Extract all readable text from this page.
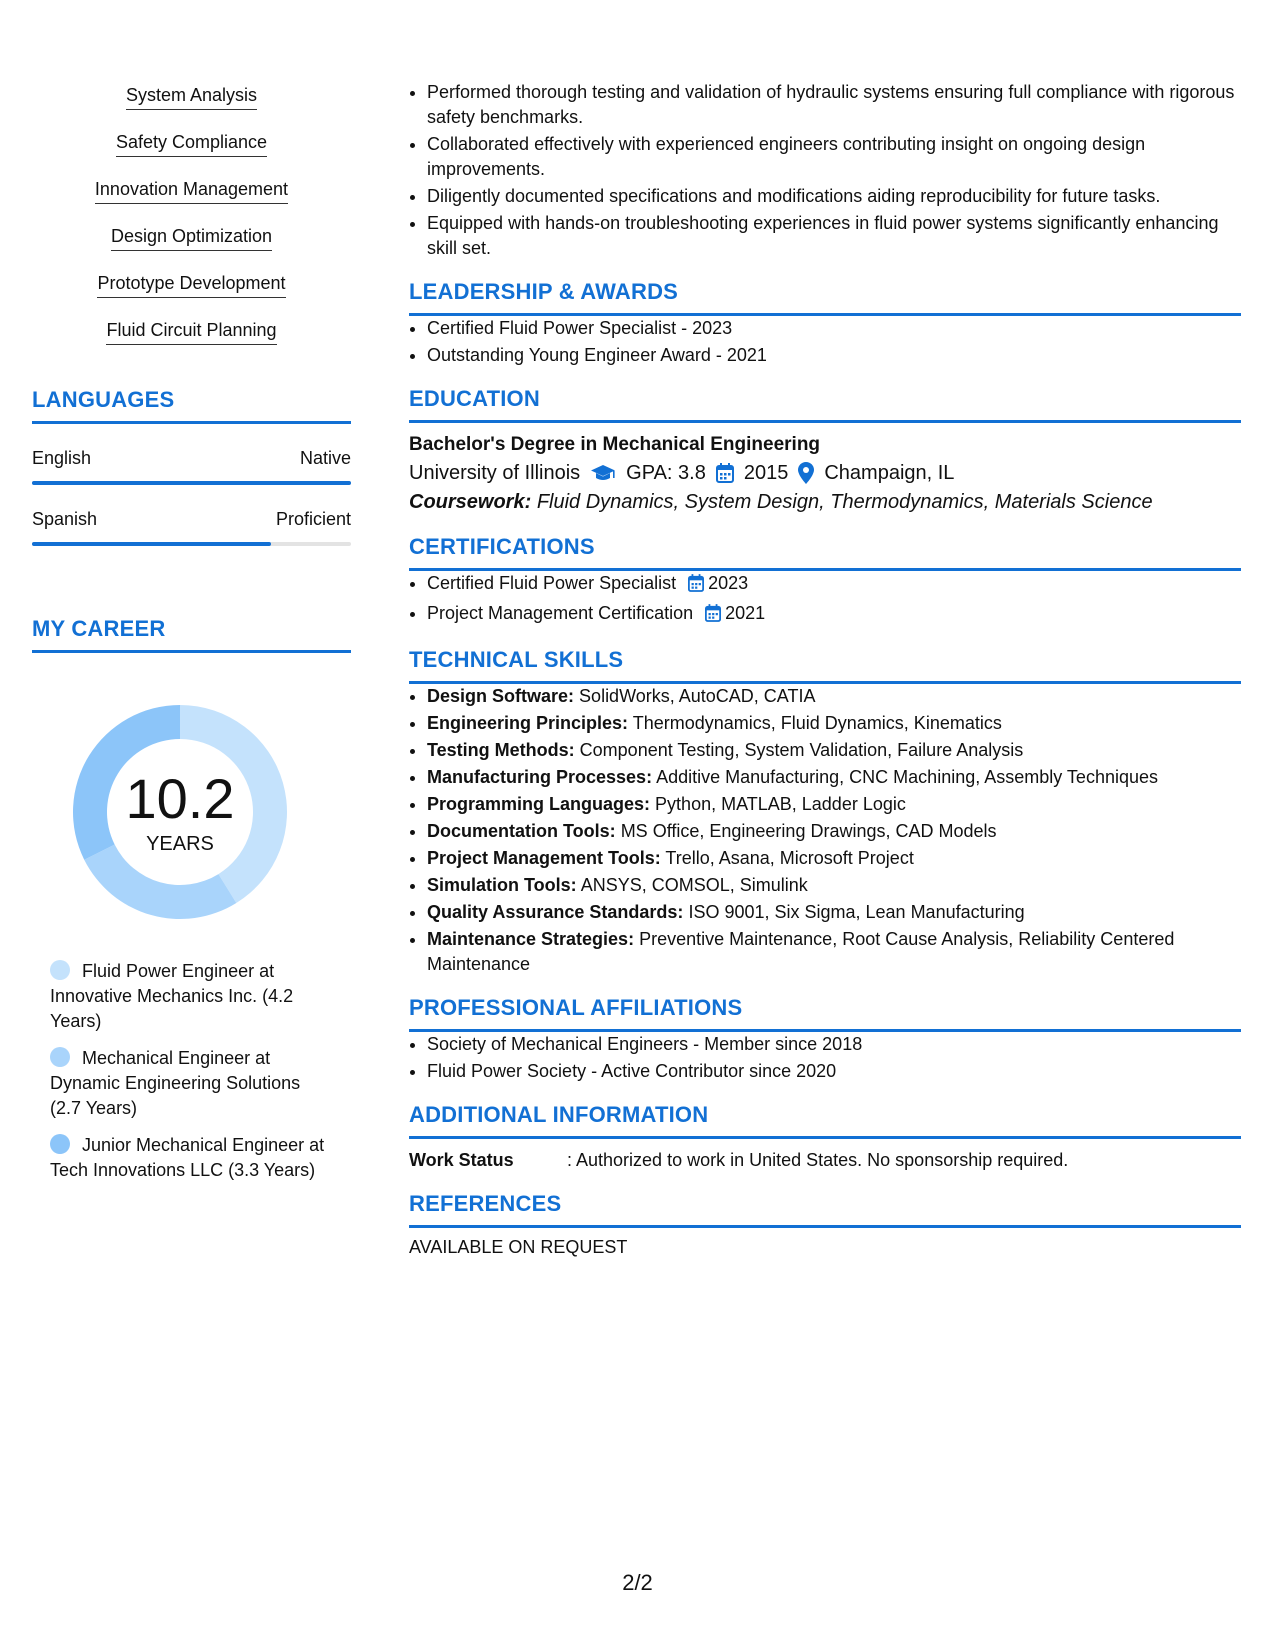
System Analysis
Safety Compliance
Innovation Management
Design Optimization
Prototype Development
Fluid Circuit Planning
LANGUAGES
English	Native
Spanish	Proficient
MY CAREER
10.2
YEARS
Fluid Power Engineer at Innovative Mechanics Inc. (4.2 Years)
Mechanical Engineer at Dynamic Engineering Solutions (2.7 Years)
Junior Mechanical Engineer at Tech Innovations LLC (3.3 Years)
• Performed thorough testing and validation of hydraulic systems ensuring full compliance with rigorous safety benchmarks.
• Collaborated effectively with experienced engineers contributing insight on ongoing design improvements.
• Diligently documented specifications and modifications aiding reproducibility for future tasks.
• Equipped with hands-on troubleshooting experiences in fluid power systems significantly enhancing skill set.
LEADERSHIP & AWARDS
• Certified Fluid Power Specialist - 2023
• Outstanding Young Engineer Award - 2021
EDUCATION
Bachelor's Degree in Mechanical Engineering
University of Illinois GPA: 3.8 2015 Champaign, IL
Coursework: Fluid Dynamics, System Design, Thermodynamics, Materials Science
CERTIFICATIONS
• Certified Fluid Power Specialist 2023
• Project Management Certification 2021
TECHNICAL SKILLS
• Design Software: SolidWorks, AutoCAD, CATIA
• Engineering Principles: Thermodynamics, Fluid Dynamics, Kinematics
• Testing Methods: Component Testing, System Validation, Failure Analysis
• Manufacturing Processes: Additive Manufacturing, CNC Machining, Assembly Techniques
• Programming Languages: Python, MATLAB, Ladder Logic
• Documentation Tools: MS Office, Engineering Drawings, CAD Models
• Project Management Tools: Trello, Asana, Microsoft Project
• Simulation Tools: ANSYS, COMSOL, Simulink
• Quality Assurance Standards: ISO 9001, Six Sigma, Lean Manufacturing
• Maintenance Strategies: Preventive Maintenance, Root Cause Analysis, Reliability Centered Maintenance
PROFESSIONAL AFFILIATIONS
• Society of Mechanical Engineers - Member since 2018
• Fluid Power Society - Active Contributor since 2020
ADDITIONAL INFORMATION
Work Status	: Authorized to work in United States. No sponsorship required.
REFERENCES
AVAILABLE ON REQUEST
2/2
